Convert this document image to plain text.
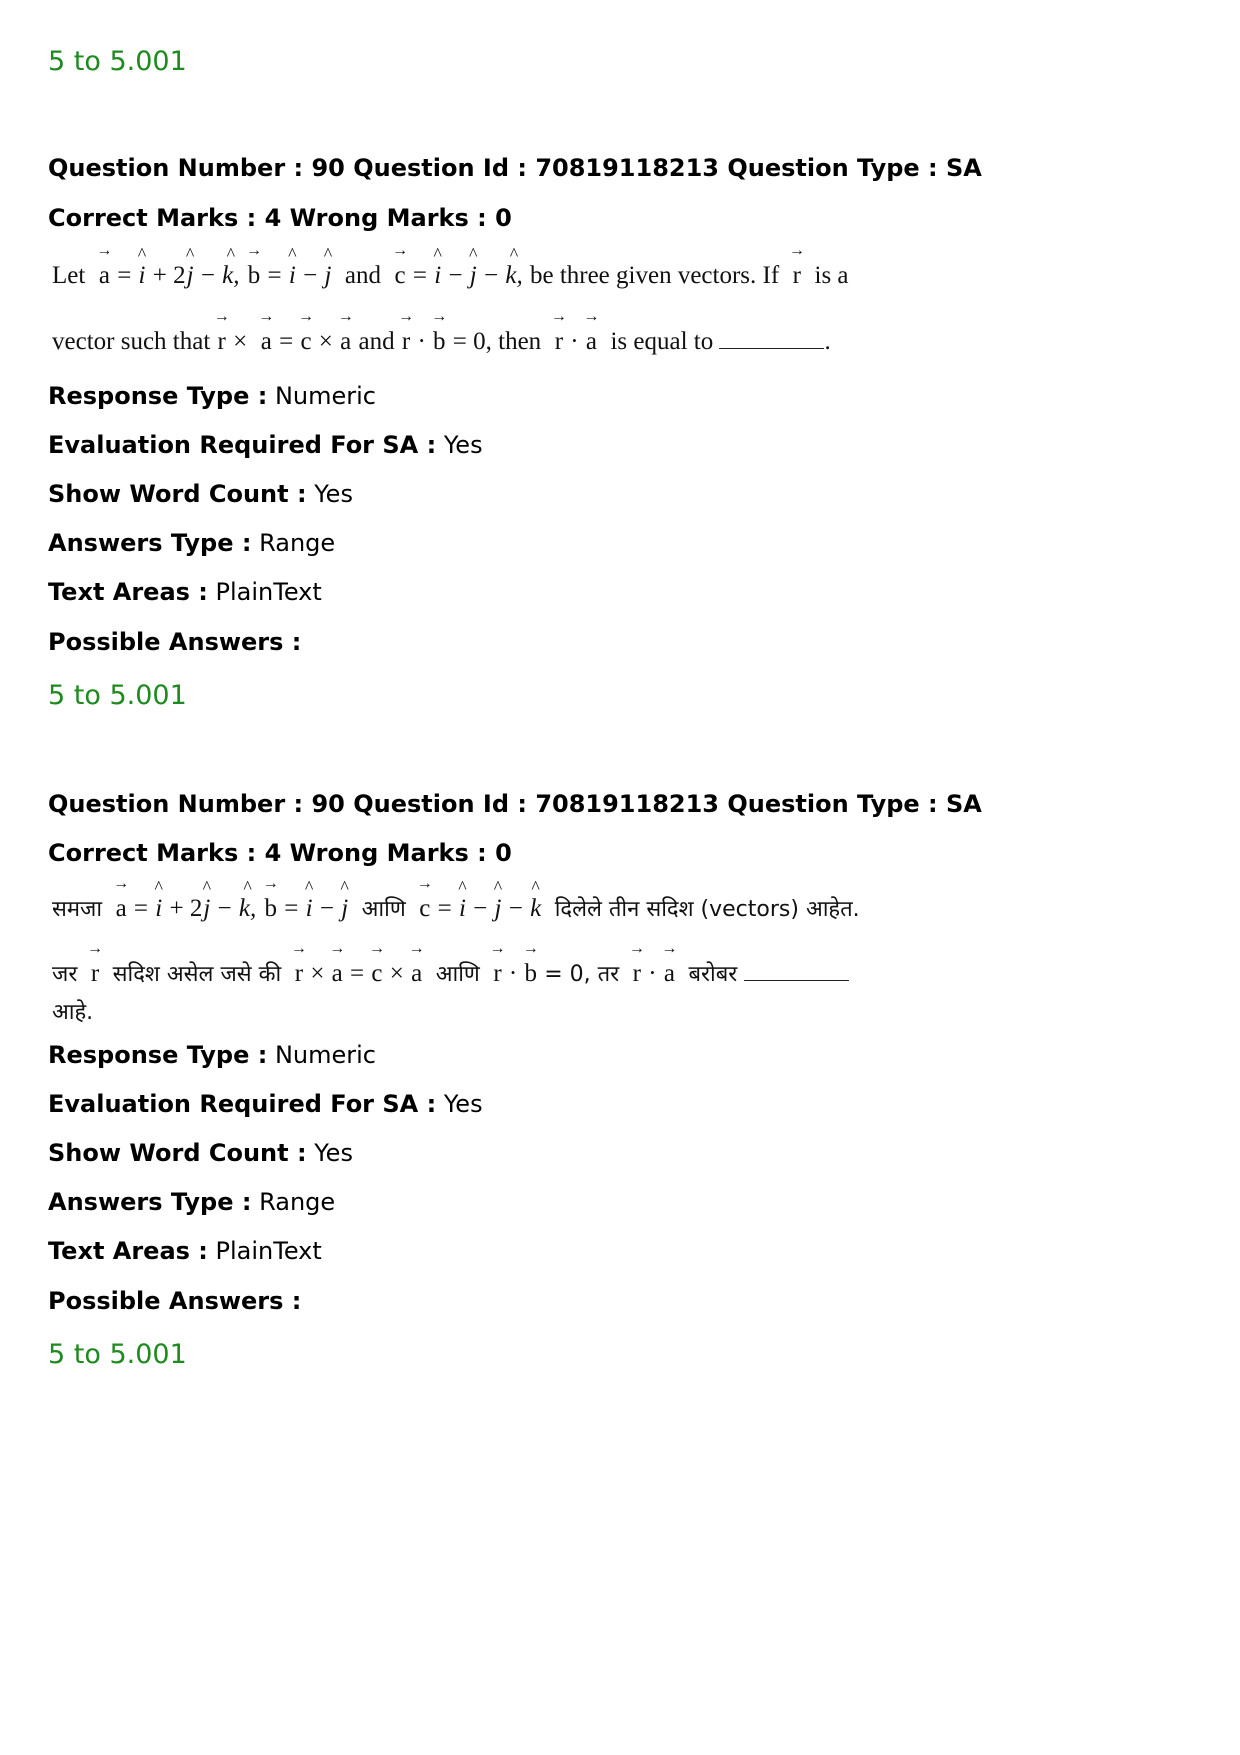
5 to 5.001
Question Number : 90 Question Id : 70819118213 Question Type : SA
Correct Marks : 4 Wrong Marks : 0
Let → a = ^ i + 2^ j − ^ k, → b = ^ i − ^ j and → c = ^ i − ^ j − ^ k, be three given vectors. If → r is a
vector such that → r × → a = → c × → a and → r · → b = 0, then → r · → a is equal to	.
Response Type : Numeric
Evaluation Required For SA : Yes
Show Word Count : Yes
Answers Type : Range
Text Areas : PlainText
Possible Answers :
5 to 5.001
Question Number : 90 Question Id : 70819118213 Question Type : SA
Correct Marks : 4 Wrong Marks : 0
समजा → a = ^ i + 2^ j − ^ k, → b = ^ i − ^ j आणि → c = ^ i − ^ j − ^ k दिलेले तीन सदिश (vectors) आहेत.
जर → r सदिश असेल जसे की → r × → a = → c × → a आणि → r · → b = 0, तर → r · → a बरोबर
आहे.
Response Type : Numeric
Evaluation Required For SA : Yes
Show Word Count : Yes
Answers Type : Range
Text Areas : PlainText
Possible Answers :
5 to 5.001
